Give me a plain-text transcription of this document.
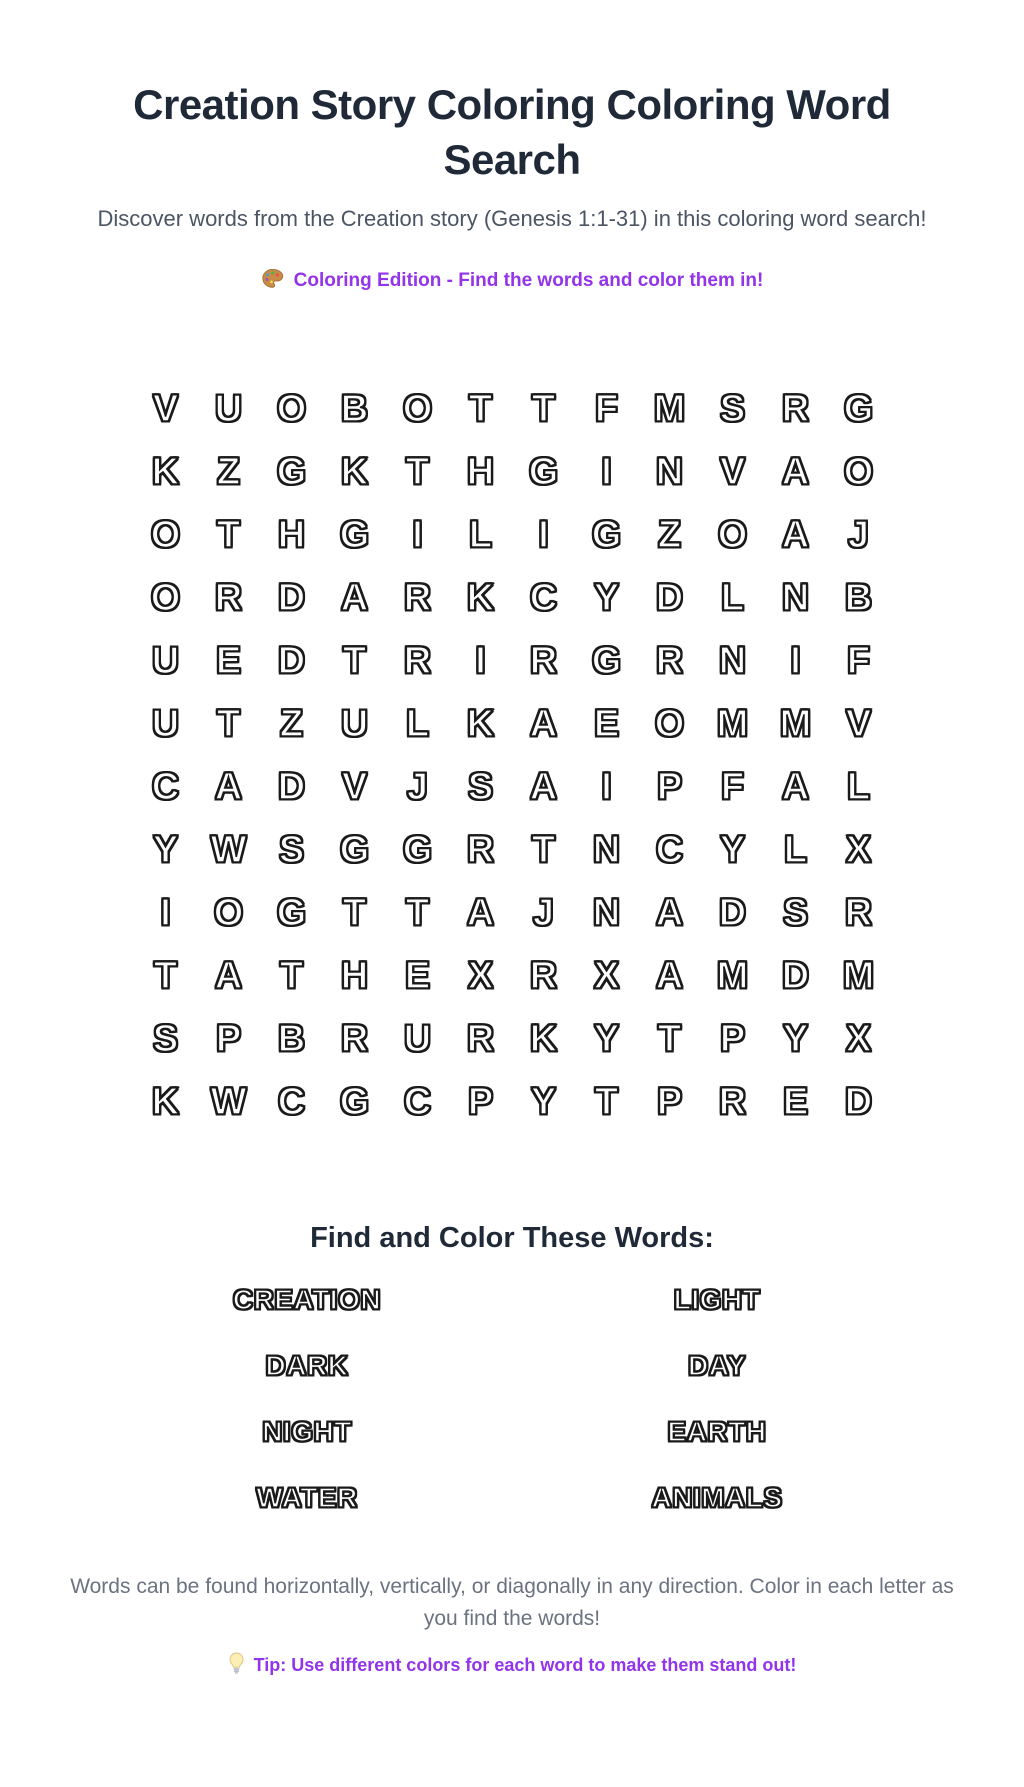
Creation Story Coloring Coloring Word Search

Discover words from the Creation story (Genesis 1:1-31) in this coloring word search!

Coloring Edition - Find the words and color them in!
V U O B O T	T	F M S R G
K Z G K T H G	I	N V A O
O T H G	I	L	I	G Z O A	J
O R D A R K C Y D L N B
U E D T R	I	R G R N	I	F
U T	Z U L K A E O M M V
C A D V	J	S A	I	P	F A L
Y W S G G R T N C Y	L	X
I	O G T	T A	J	N A D S R
T A T H E X R X A M D M
S P B R U R K Y	T	P Y X
K W C G C P Y	T	P R E D
Find and Color These Words:
CREATION	LIGHT
DARK	DAY
NIGHT	EARTH
WATER	ANIMALS

Words can be found horizontally, vertically, or diagonally in any direction. Color in each letter as you find the words!

Tip: Use different colors for each word to make them stand out!
